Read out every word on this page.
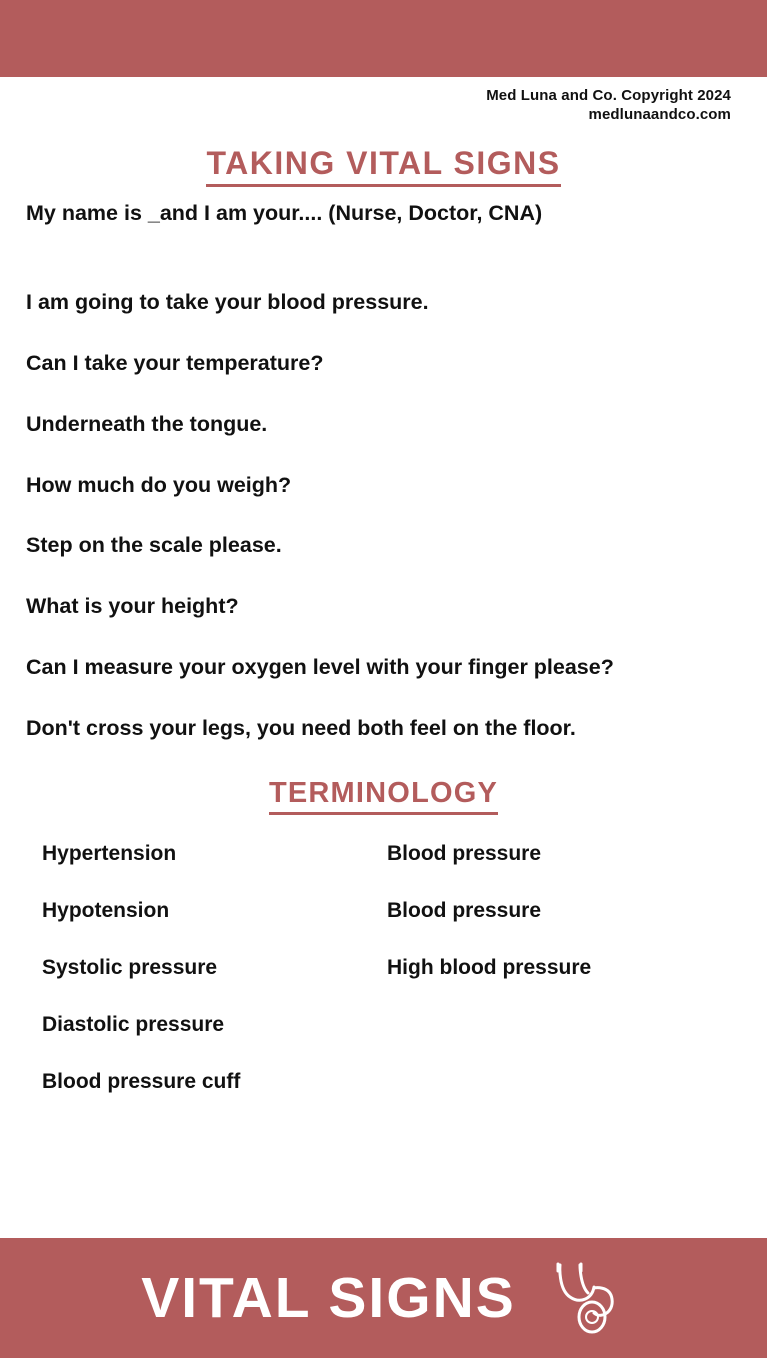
Med Luna and Co. Copyright 2024
medlunaandco.com
TAKING VITAL SIGNS
My name is _and I am your.... (Nurse, Doctor, CNA)
I am going to take your blood pressure.
Can I take your temperature?
Underneath the tongue.
How much do you weigh?
Step on the scale please.
What is your height?
Can I measure your oxygen level with your finger please?
Don't cross your legs, you need both feel on the floor.
TERMINOLOGY
Hypertension	Blood pressure
Hypotension	Blood pressure
Systolic pressure	High blood pressure
Diastolic pressure
Blood pressure cuff
VITAL SIGNS
